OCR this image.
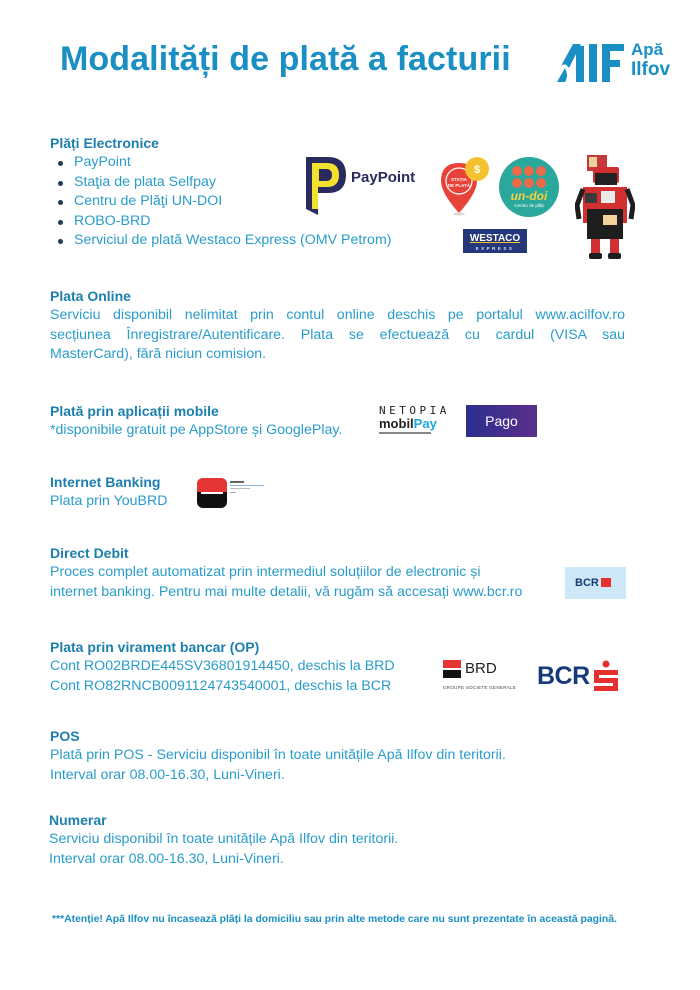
Modalități de plată a facturii	Apă
Ilfov
Plăți Electronice
PayPoint
Staţia de plata Selfpay
Centru de Plăţi UN-DOI
ROBO-BRD
Serviciul de plată Westaco Express (OMV Petrom)
PayPoint	$
STAȚIA
DE PLATĂ
un-doi
Centru de plăți
WESTACO
EXPRESS
Plata Online
Serviciu disponibil nelimitat prin contul online deschis pe portalul www.acilfov.ro
secțiunea Înregistrare/Autentificare. Plata se efectuează cu cardul (VISA sau
MasterCard), fără niciun comision.
Plată prin aplicații mobile
*disponibile gratuit pe AppStore și GooglePlay.
NETOPIA
mobilPay	Pago
Internet Banking
Plata prin YouBRD
Direct Debit
Proces complet automatizat prin intermediul soluțiilor de electronic și
internet banking. Pentru mai multe detalii, vă rugăm să accesați www.bcr.ro
BCR
Plata prin virament bancar (OP)
Cont RO02BRDE445SV36801914450, deschis la BRD
Cont RO82RNCB0091124743540001, deschis la BCR
BRD
GROUPE SOCIETE GENERALE BCR
POS
Plată prin POS - Serviciu disponibil în toate unitățile Apă Ilfov din teritorii.
Interval orar 08.00-16.30, Luni-Vineri.
Numerar
Serviciu disponibil în toate unitățile Apă Ilfov din teritorii.
Interval orar 08.00-16.30, Luni-Vineri.
***Atenție! Apă Ilfov nu încasează plăți la domiciliu sau prin alte metode care nu sunt prezentate în această pagină.
